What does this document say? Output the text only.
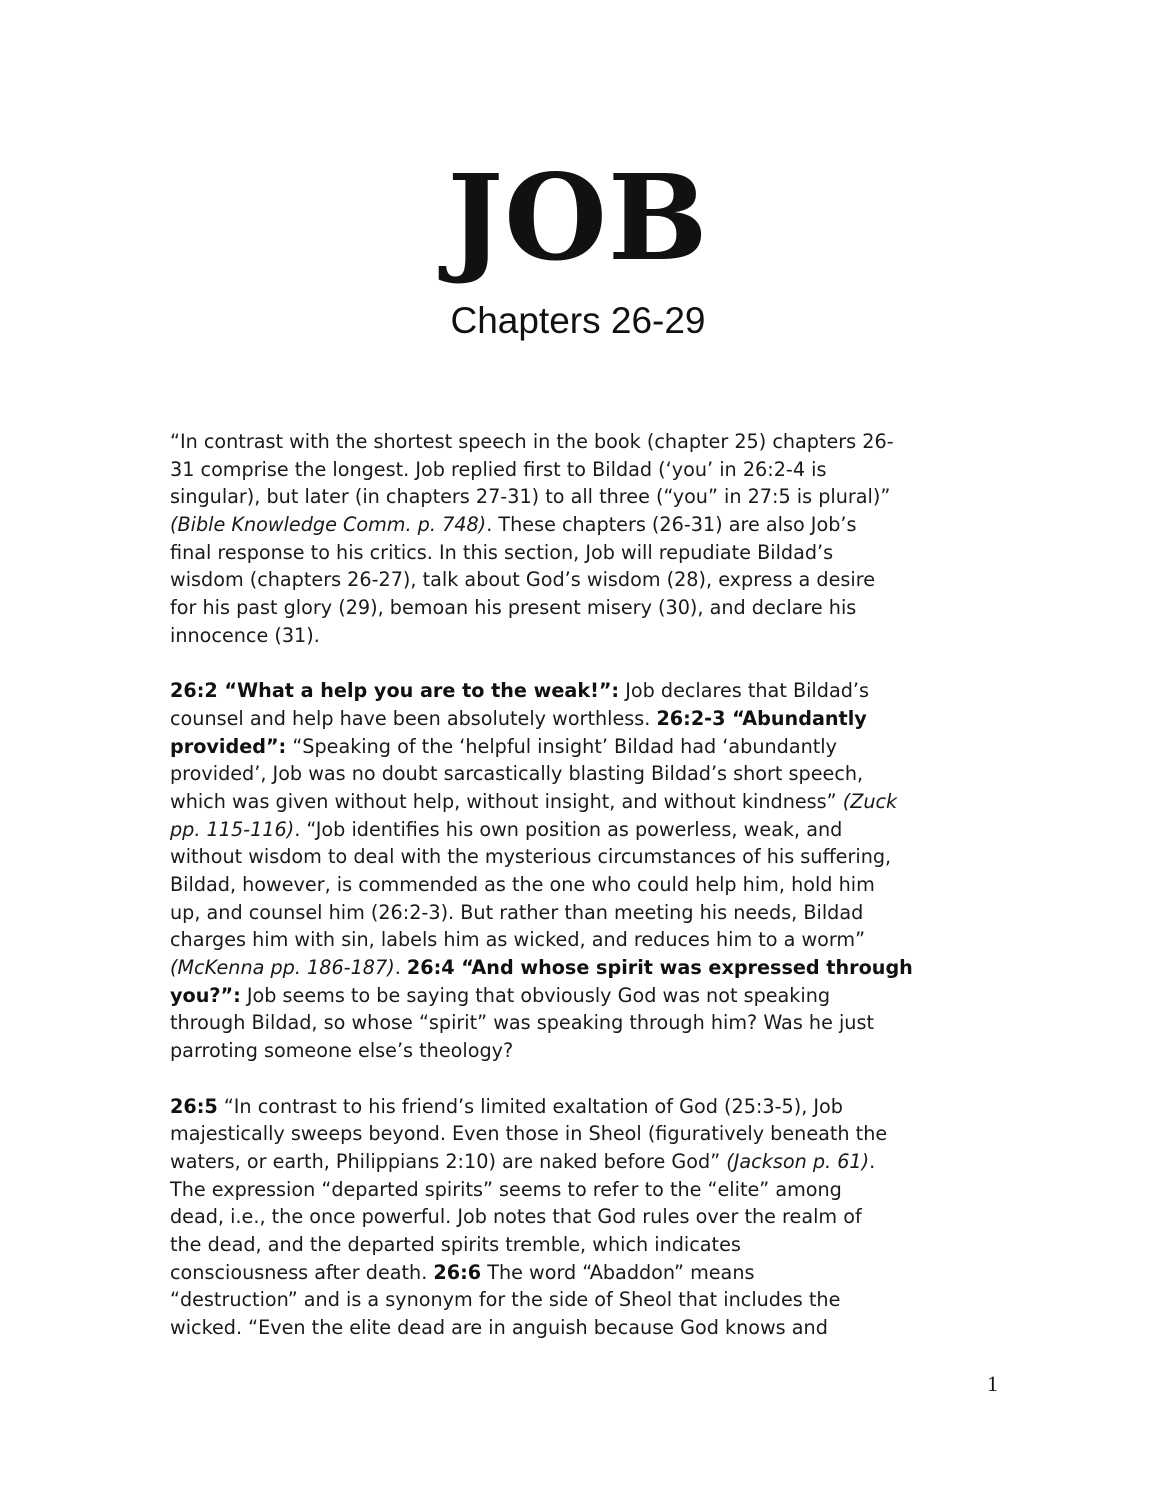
JOB
Chapters 26-29

“In contrast with the shortest speech in the book (chapter 25) chapters 26-
31 comprise the longest. Job replied first to Bildad (‘you’ in 26:2-4 is
singular), but later (in chapters 27-31) to all three (“you” in 27:5 is plural)”
(Bible Knowledge Comm. p. 748). These chapters (26-31) are also Job’s
final response to his critics. In this section, Job will repudiate Bildad’s
wisdom (chapters 26-27), talk about God’s wisdom (28), express a desire
for his past glory (29), bemoan his present misery (30), and declare his
innocence (31).

26:2 “What a help you are to the weak!”: Job declares that Bildad’s
counsel and help have been absolutely worthless. 26:2-3 “Abundantly
provided”: “Speaking of the ‘helpful insight’ Bildad had ‘abundantly
provided’, Job was no doubt sarcastically blasting Bildad’s short speech,
which was given without help, without insight, and without kindness” (Zuck
pp. 115-116). “Job identifies his own position as powerless, weak, and
without wisdom to deal with the mysterious circumstances of his suffering,
Bildad, however, is commended as the one who could help him, hold him
up, and counsel him (26:2-3). But rather than meeting his needs, Bildad
charges him with sin, labels him as wicked, and reduces him to a worm”
(McKenna pp. 186-187). 26:4 “And whose spirit was expressed through
you?”: Job seems to be saying that obviously God was not speaking
through Bildad, so whose “spirit” was speaking through him? Was he just
parroting someone else’s theology?

26:5 “In contrast to his friend’s limited exaltation of God (25:3-5), Job
majestically sweeps beyond. Even those in Sheol (figuratively beneath the
waters, or earth, Philippians 2:10) are naked before God” (Jackson p. 61).
The expression “departed spirits” seems to refer to the “elite” among
dead, i.e., the once powerful. Job notes that God rules over the realm of
the dead, and the departed spirits tremble, which indicates
consciousness after death. 26:6 The word “Abaddon” means
“destruction” and is a synonym for the side of Sheol that includes the
wicked. “Even the elite dead are in anguish because God knows and

1
